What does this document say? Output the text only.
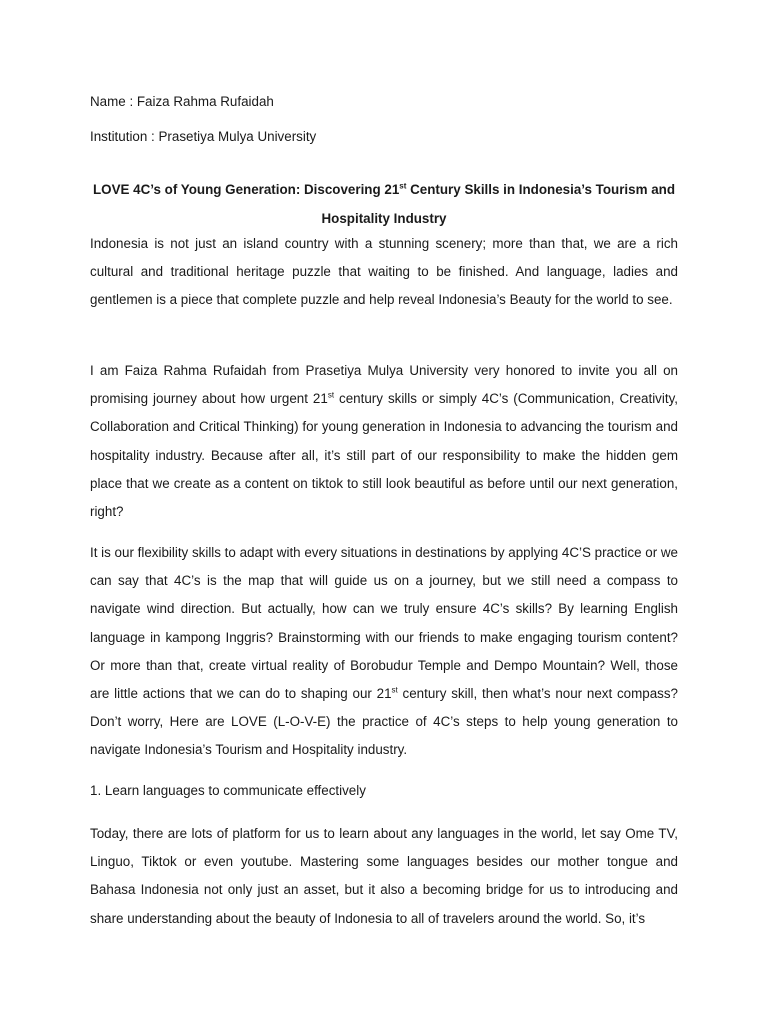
Name : Faiza Rahma Rufaidah

Institution : Prasetiya Mulya University

LOVE 4C’s of Young Generation: Discovering 21st Century Skills in Indonesia’s Tourism and Hospitality Industry

Indonesia is not just an island country with a stunning scenery; more than that, we are a rich cultural and traditional heritage puzzle that waiting to be finished. And language, ladies and gentlemen is a piece that complete puzzle and help reveal Indonesia’s Beauty for the world to see.

I am Faiza Rahma Rufaidah from Prasetiya Mulya University very honored to invite you all on promising journey about how urgent 21st century skills or simply 4C’s (Communication, Creativity, Collaboration and Critical Thinking) for young generation in Indonesia to advancing the tourism and hospitality industry. Because after all, it’s still part of our responsibility to make the hidden gem place that we create as a content on tiktok to still look beautiful as before until our next generation, right?

It is our flexibility skills to adapt with every situations in destinations by applying 4C’S practice or we can say that 4C’s is the map that will guide us on a journey, but we still need a compass to navigate wind direction. But actually, how can we truly ensure 4C’s skills? By learning English language in kampong Inggris? Brainstorming with our friends to make engaging tourism content? Or more than that, create virtual reality of Borobudur Temple and Dempo Mountain? Well, those are little actions that we can do to shaping our 21st century skill, then what’s nour next compass? Don’t worry, Here are LOVE (L-O-V-E) the practice of 4C’s steps to help young generation to navigate Indonesia’s Tourism and Hospitality industry.

1. Learn languages to communicate effectively

Today, there are lots of platform for us to learn about any languages in the world, let say Ome TV, Linguo, Tiktok or even youtube. Mastering some languages besides our mother tongue and Bahasa Indonesia not only just an asset, but it also a becoming bridge for us to introducing and share understanding about the beauty of Indonesia to all of travelers around the world. So, it’s
